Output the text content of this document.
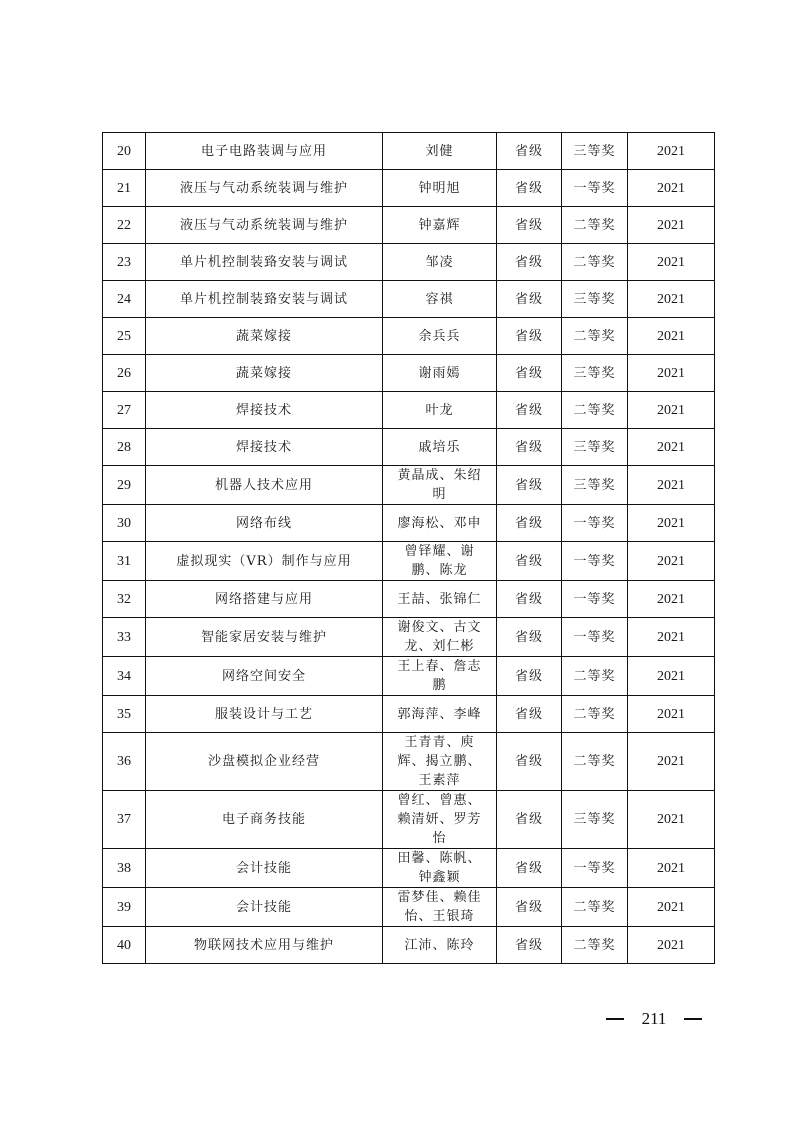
20	电子电路装调与应用	刘健	省级	三等奖	2021
21	液压与气动系统装调与维护	钟明旭	省级	一等奖	2021
22	液压与气动系统装调与维护	钟嘉辉	省级	二等奖	2021
23	单片机控制装臵安装与调试	邹凌	省级	二等奖	2021
24	单片机控制装臵安装与调试	容祺	省级	三等奖	2021
25	蔬菜嫁接	余兵兵	省级	二等奖	2021
26	蔬菜嫁接	谢雨嫣	省级	三等奖	2021
27	焊接技术	叶龙	省级	二等奖	2021
28	焊接技术	戚培乐	省级	三等奖	2021
29	机器人技术应用	黄晶成、朱绍明	省级	三等奖	2021
30	网络布线	廖海松、邓申	省级	一等奖	2021
31	虚拟现实（VR）制作与应用	曾铎耀、谢鹏、陈龙	省级	一等奖	2021
32	网络搭建与应用	王喆、张锦仁	省级	一等奖	2021
33	智能家居安装与维护	谢俊文、古文龙、刘仁彬	省级	一等奖	2021
34	网络空间安全	王上春、詹志鹏	省级	二等奖	2021
35	服装设计与工艺	郭海萍、李峰	省级	二等奖	2021
36	沙盘模拟企业经营	王青青、庾辉、揭立鹏、王素萍	省级	二等奖	2021
37	电子商务技能	曾红、曾惠、赖清妍、罗芳怡	省级	三等奖	2021
38	会计技能	田馨、陈帆、钟鑫颖	省级	一等奖	2021
39	会计技能	雷梦佳、赖佳怡、王银琦	省级	二等奖	2021
40	物联网技术应用与维护	江沛、陈玲	省级	二等奖	2021
211
